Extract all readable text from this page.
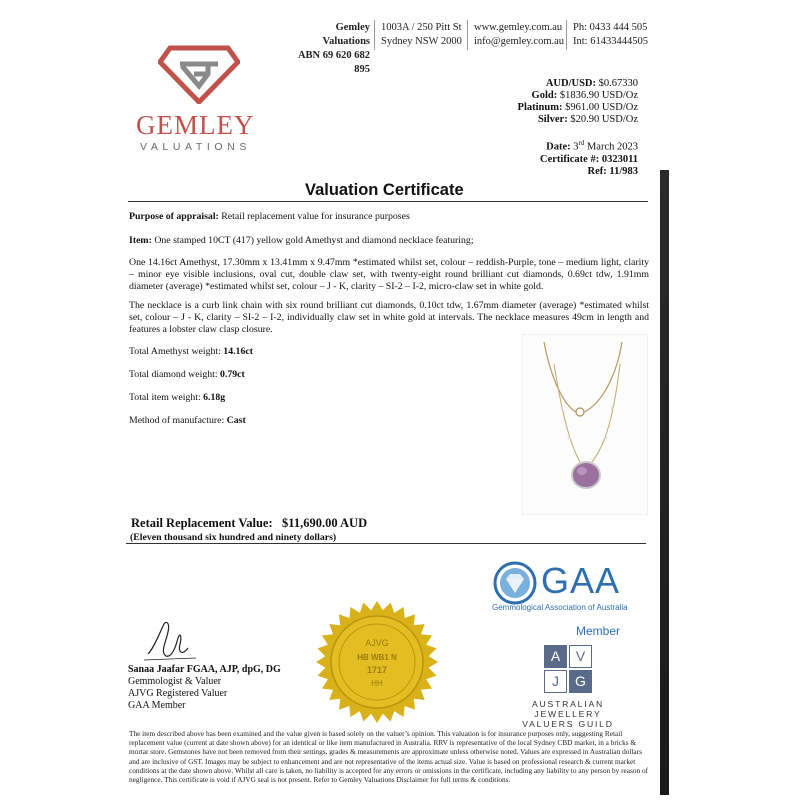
GEMLEY
VALUATIONS
Gemley Valuations
ABN 69 620 682 895
1003A / 250 Pitt St
Sydney NSW 2000
www.gemley.com.au
info@gemley.com.au
Ph: 0433 444 505
Int: 61433444505
AUD/USD: $0.67330
Gold: $1836.90 USD/Oz
Platinum: $961.00 USD/Oz
Silver: $20.90 USD/Oz
Date: 3rd March 2023
Certificate #: 0323011
Ref: 11/983
Valuation Certificate
Purpose of appraisal: Retail replacement value for insurance purposes
Item: One stamped 10CT (417) yellow gold Amethyst and diamond necklace featuring;
One 14.16ct Amethyst, 17.30mm x 13.41mm x 9.47mm *estimated whilst set, colour – reddish-Purple, tone – medium light, clarity – minor eye visible inclusions, oval cut, double claw set, with twenty-eight round brilliant cut diamonds, 0.69ct tdw, 1.91mm diameter (average) *estimated whilst set, colour – J - K, clarity – SI-2 – I-2, micro-claw set in white gold.
The necklace is a curb link chain with six round brilliant cut diamonds, 0.10ct tdw, 1.67mm diameter (average) *estimated whilst set, colour – J - K, clarity – SI-2 – I-2, individually claw set in white gold at intervals. The necklace measures 49cm in length and features a lobster claw clasp closure.
Total Amethyst weight: 14.16ct
Total diamond weight: 0.79ct
Total item weight: 6.18g
Method of manufacture: Cast
Retail Replacement Value: $11,690.00 AUD
(Eleven thousand six hundred and ninety dollars)
GAA
Gemmological Association of Australia
Member
A	V
J	G
AUSTRALIAN JEWELLERY
VALUERS GUILD
AJVG
HB WB1 N
1717
HH
Sanaa Jaafar FGAA, AJP, dpG, DG
Gemmologist & Valuer
AJVG Registered Valuer
GAA Member
The item described above has been examined and the value given is based solely on the valuer’s opinion. This valuation is for insurance purposes only, suggesting Retail replacement value (current at date shown above) for an identical or like item manufactured in Australia. RRV is representative of the local Sydney CBD market, in a bricks & mortar store. Gemstones have not been removed from their settings, grades & measurements are approximate unless otherwise noted. Values are expressed in Australian dollars and are inclusive of GST. Images may be subject to enhancement and are not representative of the items actual size. Value is based on professional research & current market conditions at the date shown above. Whilst all care is taken, no liability is accepted for any errors or omissions in the certificate, including any liability to any person by reason of negligence. This certificate is void if AJVG seal is not present. Refer to Gemley Valuations Disclaimer for full terms & conditions.
